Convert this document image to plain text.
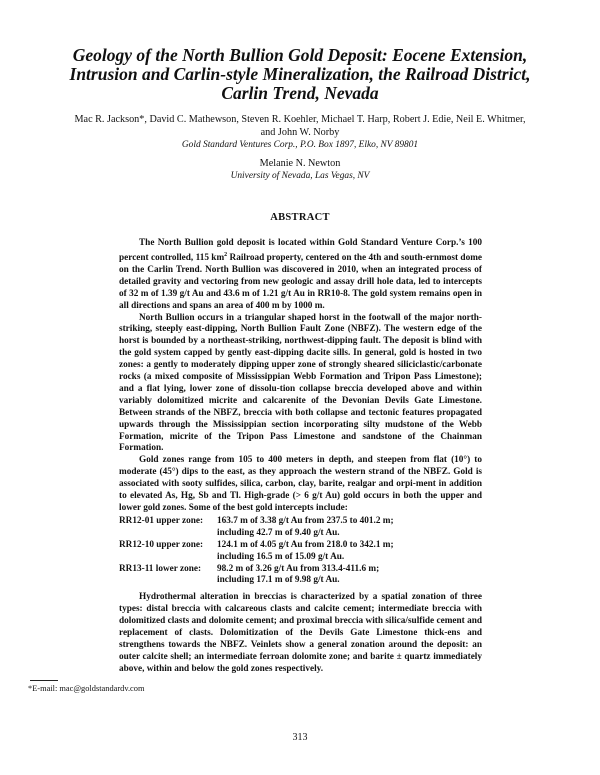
Geology of the North Bullion Gold Deposit: Eocene Extension,
Intrusion and Carlin-style Mineralization, the Railroad District,
Carlin Trend, Nevada
Mac R. Jackson*, David C. Mathewson, Steven R. Koehler, Michael T. Harp, Robert J. Edie, Neil E. Whitmer,
and John W. Norby
Gold Standard Ventures Corp., P.O. Box 1897, Elko, NV 89801
Melanie N. Newton
University of Nevada, Las Vegas, NV
ABSTRACT

The North Bullion gold deposit is located within Gold Standard Venture Corp.’s 100 percent controlled, 115 $km^2$ Railroad property, centered on the 4th and south-ernmost dome on the Carlin Trend. North Bullion was discovered in 2010, when an integrated process of detailed gravity and vectoring from new geologic and assay drill hole data, led to intercepts of 32 m of 1.39 g/t Au and 43.6 m of 1.21 g/t Au in RR10-8. The gold system remains open in all directions and spans an area of 400 m by 1000 m.

North Bullion occurs in a triangular shaped horst in the footwall of the major north-striking, steeply east-dipping, North Bullion Fault Zone (NBFZ). The western edge of the horst is bounded by a northeast-striking, northwest-dipping fault. The deposit is blind with the gold system capped by gently east-dipping dacite sills. In general, gold is hosted in two zones: a gently to moderately dipping upper zone of strongly sheared siliciclastic/carbonate rocks (a mixed composite of Mississippian Webb Formation and Tripon Pass Limestone); and a flat lying, lower zone of dissolu-tion collapse breccia developed above and within variably dolomitized micrite and calcarenite of the Devonian Devils Gate Limestone. Between strands of the NBFZ, breccia with both collapse and tectonic features propagated upwards through the Mississippian section incorporating silty mudstone of the Webb Formation, micrite of the Tripon Pass Limestone and sandstone of the Chainman Formation.

Gold zones range from 105 to 400 meters in depth, and steepen from flat (10°) to moderate (45°) dips to the east, as they approach the western strand of the NBFZ. Gold is associated with sooty sulfides, silica, carbon, clay, barite, realgar and orpi-ment in addition to elevated As, Hg, Sb and Tl. High-grade (> 6 g/t Au) gold occurs in both the upper and lower gold zones. Some of the best gold intercepts include:

RR12-01 upper zone:	163.7 m of 3.38 g/t Au from 237.5 to 401.2 m;
including 42.7 m of 9.40 g/t Au.
RR12-10 upper zone:	124.1 m of 4.05 g/t Au from 218.0 to 342.1 m;
including 16.5 m of 15.09 g/t Au.
RR13-11 lower zone:	98.2 m of 3.26 g/t Au from 313.4-411.6 m;
including 17.1 m of 9.98 g/t Au.

Hydrothermal alteration in breccias is characterized by a spatial zonation of three types: distal breccia with calcareous clasts and calcite cement; intermediate breccia with dolomitized clasts and dolomite cement; and proximal breccia with silica/sulfide cement and replacement of clasts. Dolomitization of the Devils Gate Limestone thick-ens and strengthens towards the NBFZ. Veinlets show a general zonation around the deposit: an outer calcite shell; an intermediate ferroan dolomite zone; and barite ± quartz immediately above, within and below the gold zones respectively.

*E-mail: mac@goldstandardv.com
313
